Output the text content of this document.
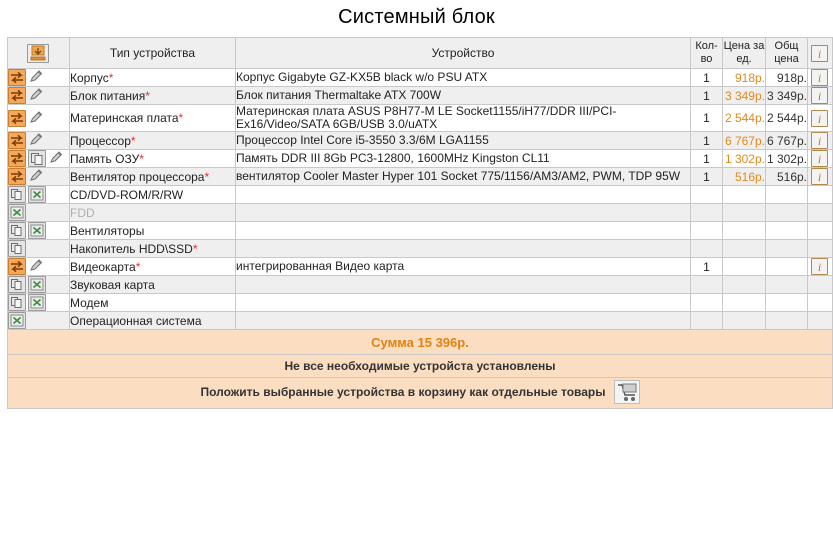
Системный блок
	Тип устройства	Устройство	Кол-во	Цена за ед.	Общ цена	i

	Корпус*	Корпус Gigabyte GZ-KX5B black w/o PSU ATX	1	918р.	918р.	i

	Блок питания*	Блок питания Thermaltake ATX 700W	1	3 349р.	3 349р.	i

	Материнская плата*	Материнская плата ASUS P8H77-M LE Socket1155/iH77/DDR III/PCI-Ex16/Video/SATA 6GB/USB 3.0/uATX	1	2 544р.	2 544р.	i

	Процессор*	Процессор Intel Core i5-3550 3.3/6M LGA1155	1	6 767р.	6 767р.	i

	Память ОЗУ*	Память DDR III 8Gb PC3-12800, 1600MHz Kingston CL11	1	1 302р.	1 302р.	i

	Вентилятор процессора*	вентилятор Cooler Master Hyper 101 Socket 775/1156/AM3/AM2, PWM, TDP 95W	1	516р.	516р.	i

	CD/DVD-ROM/R/RW					

	FDD					

	Вентиляторы					

	Накопитель HDD\SSD*					

	Видеокарта*	интегрированная Видео карта	1			i

	Звуковая карта					

	Модем					

	Операционная система					
Сумма 15 396р.						
Не все необходимые устройста установлены						

Положить выбранные устройства в корзину как отдельные товары						
